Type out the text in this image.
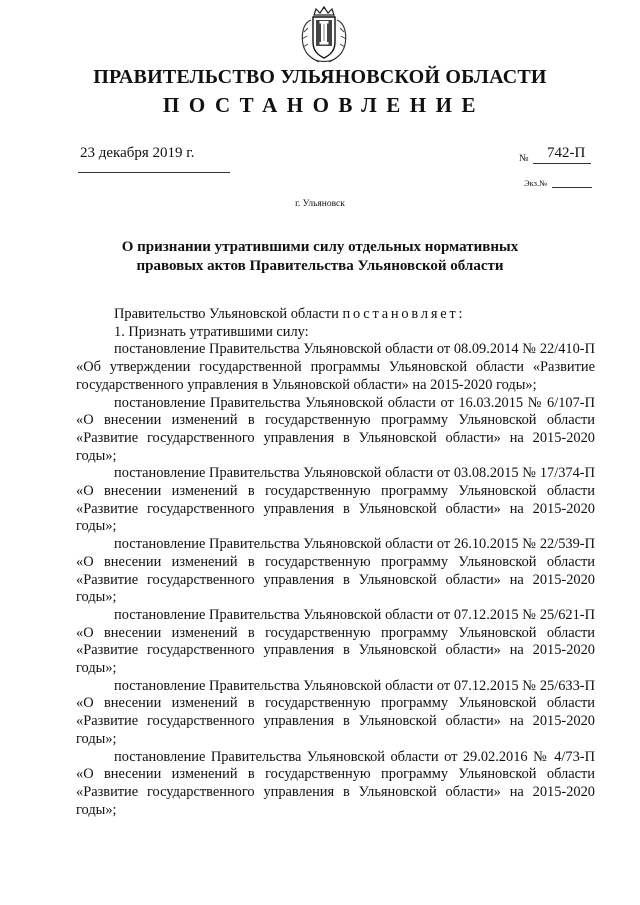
ПРАВИТЕЛЬСТВО УЛЬЯНОВСКОЙ ОБЛАСТИ
ПОСТАНОВЛЕНИЕ
23 декабря 2019 г.	№ 742-П
Экз.№
г. Ульяновск
О признании утратившими силу отдельных нормативных правовых актов Правительства Ульяновской области

Правительство Ульяновской области постановляет:

1. Признать утратившими силу:

постановление Правительства Ульяновской области от 08.09.2014 № 22/410-П «Об утверждении государственной программы Ульяновской области «Развитие государственного управления в Ульяновской области» на 2015-2020 годы»;

постановление Правительства Ульяновской области от 16.03.2015 № 6/107-П «О внесении изменений в государственную программу Ульяновской области «Развитие государственного управления в Ульяновской области» на 2015-2020 годы»;

постановление Правительства Ульяновской области от 03.08.2015 № 17/374-П «О внесении изменений в государственную программу Ульяновской области «Развитие государственного управления в Ульяновской области» на 2015-2020 годы»;

постановление Правительства Ульяновской области от 26.10.2015 № 22/539-П «О внесении изменений в государственную программу Ульяновской области «Развитие государственного управления в Ульяновской области» на 2015-2020 годы»;

постановление Правительства Ульяновской области от 07.12.2015 № 25/621-П «О внесении изменений в государственную программу Ульяновской области «Развитие государственного управления в Ульяновской области» на 2015-2020 годы»;

постановление Правительства Ульяновской области от 07.12.2015 № 25/633-П «О внесении изменений в государственную программу Ульяновской области «Развитие государственного управления в Ульяновской области» на 2015-2020 годы»;

постановление Правительства Ульяновской области от 29.02.2016 № 4/73-П «О внесении изменений в государственную программу Ульяновской области «Развитие государственного управления в Ульяновской области» на 2015-2020 годы»;
